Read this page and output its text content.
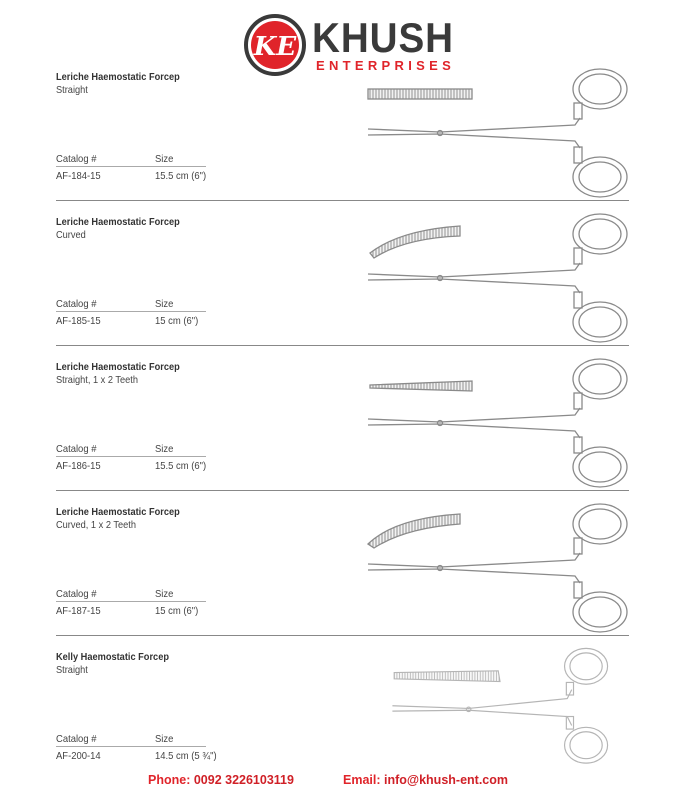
KE KHUSH
ENTERPRISES
Leriche Haemostatic Forcep
Straight
Catalog #	Size
AF-184-15	15.5 cm (6")
Leriche Haemostatic Forcep
Curved
Catalog #	Size
AF-185-15	15 cm (6")
Leriche Haemostatic Forcep
Straight, 1 x 2 Teeth
Catalog #	Size
AF-186-15	15.5 cm (6")
Leriche Haemostatic Forcep
Curved, 1 x 2 Teeth
Catalog #	Size
AF-187-15	15 cm (6")
Kelly Haemostatic Forcep
Straight
Catalog #	Size
AF-200-14	14.5 cm (5 ¾")
Phone: 0092 3226103119	Email: info@khush-ent.com
